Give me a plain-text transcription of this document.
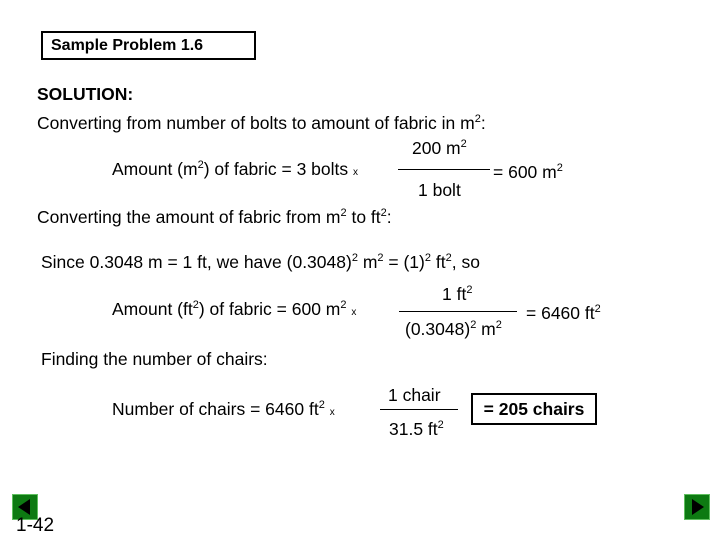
Sample Problem 1.6
SOLUTION:
Converting from number of bolts to amount of fabric in $m^2$:
Amount $(m^2)$ of fabric = 3 bolts x
200 $m^2$
1 bolt
= 600 $m^2$
Converting the amount of fabric from $m^2$ to $ft^2$:
Since 0.3048 m = 1 ft, we have $(0.3048)^2$ $m^2 = (1)^2$ $ft^2$, so
Amount $(ft^2)$ of fabric = 600 $m^2$ x
1 $ft^2$
$(0.3048)^2$ $m^2$
= 6460 $ft^2$
Finding the number of chairs:
Number of chairs = 6460 $ft^2$ x
1 chair
31.5 $ft^2$
= 205 chairs
1-42
